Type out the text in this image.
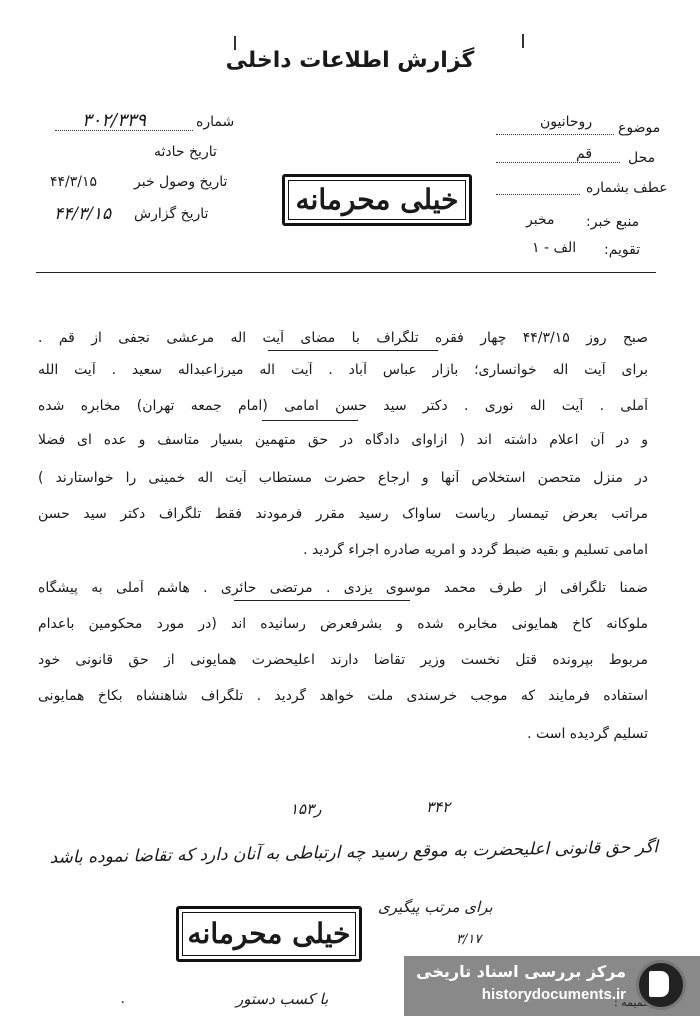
گزارش اطلاعات داخلی
شماره
۳۰۲/۳۳۹
تاریخ حادثه
تاریخ وصول خبر
۴۴/۳/۱۵
تاریخ گزارش
۴۴/۳/۱۵
موضوع
روحانیون
محل
قم
عطف بشماره
منبع خبر:
مخبر
تقویم:
الف - ۱
خیلی محرمانه
صبح روز ۴۴/۳/۱۵ چهار فقره تلگراف با مضای آیت اله مرعشی نجفی از قم .
برای آیت اله خوانساری؛ بازار عباس آباد . آیت اله میرزاعبداله سعید . آیت الله
آملی . آیت اله نوری . دکتر سید حسن امامی (امام جمعه تهران) مخابره شده
و در آن اعلام داشته اند ( ازاوای دادگاه در حق متهمین بسیار متاسف و عده ای فضلا
در منزل متحصن استخلاص آنها و ارجاع حضرت مستطاب آیت اله خمینی را خواستارند )
مراتب بعرض تیمسار ریاست ساواک رسید مقرر فرمودند فقط تلگراف دکتر سید حسن
امامی تسلیم و بقیه ضبط گردد و امریه صادره اجراء گردید .
ضمنا تلگرافی از طرف محمد موسوی یزدی . مرتضی حائری . هاشم آملی به پیشگاه
ملوکانه کاخ همایونی مخابره شده و بشرفعرض رسانیده اند (در مورد محکومین باعدام
مربوط بپرونده قتل نخست وزیر تقاضا دارند اعلیحضرت همایونی از حق قانونی خود
استفاده فرمایند که موجب خرسندی ملت خواهد گردید . تلگراف شاهنشاه بکاخ همایونی
تسلیم گردیده است .
۳۴۲
۱۵ر۳
اگر حق قانونی اعلیحضرت به موقع رسید چه ارتباطی به آنان دارد که تقاضا نموده باشد
برای مرتب پیگیری
۳/۱۷
خیلی محرمانه
با کسب دستور
۰
مرکز بررسی اسناد تاریخی
historydocuments.ir
